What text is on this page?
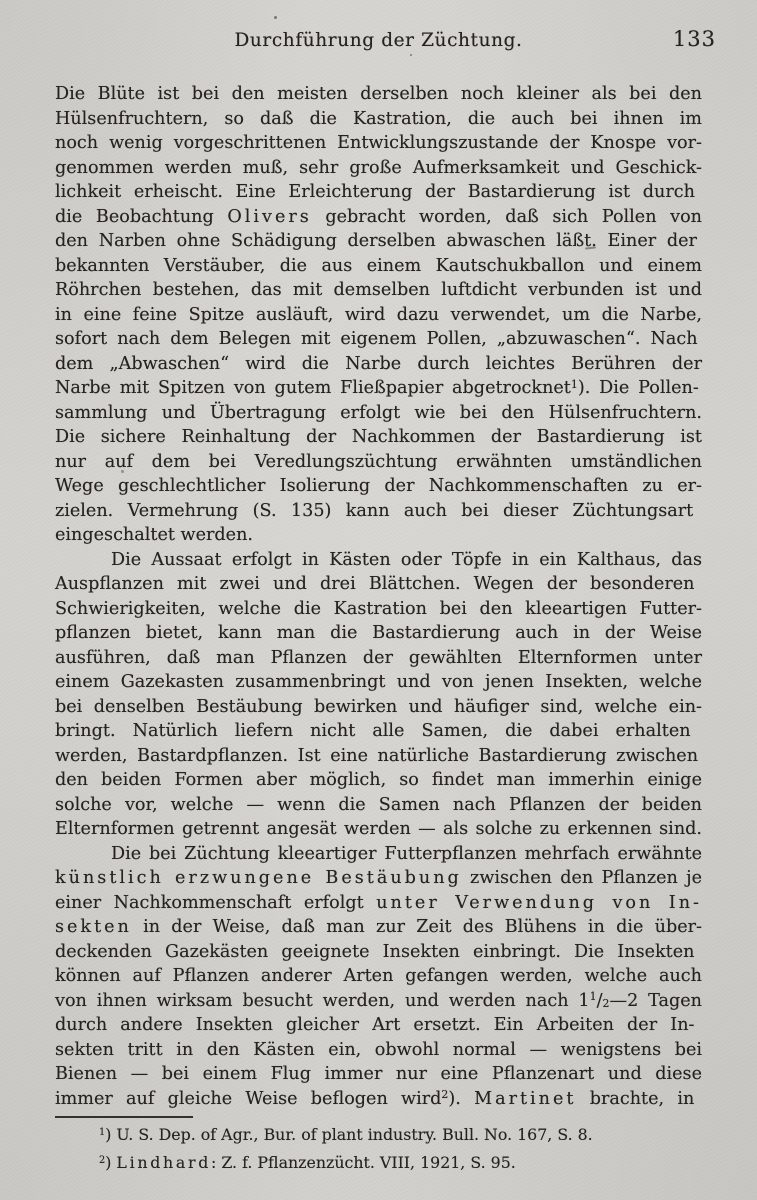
Durchführung der Züchtung.	133
Die Blüte ist bei den meisten derselben noch kleiner als bei den
Hülsenfruchtern, so daß die Kastration, die auch bei ihnen im
noch wenig vorgeschrittenen Entwicklungszustande der Knospe vor-
genommen werden muß, sehr große Aufmerksamkeit und Geschick-
lichkeit erheischt. Eine Erleichterung der Bastardierung ist durch
die Beobachtung Olivers gebracht worden, daß sich Pollen von
den Narben ohne Schädigung derselben abwaschen läßt. Einer der
bekannten Verstäuber, die aus einem Kautschukballon und einem
Röhrchen bestehen, das mit demselben luftdicht verbunden ist und
in eine feine Spitze ausläuft, wird dazu verwendet, um die Narbe,
sofort nach dem Belegen mit eigenem Pollen, „abzuwaschen“. Nach
dem „Abwaschen“ wird die Narbe durch leichtes Berühren der
Narbe mit Spitzen von gutem Fließpapier abgetrocknet$^1$). Die Pollen-
sammlung und Übertragung erfolgt wie bei den Hülsenfruchtern.
Die sichere Reinhaltung der Nachkommen der Bastardierung ist
nur auf dem bei Veredlungszüchtung erwähnten umständlichen
Wege geschlechtlicher Isolierung der Nachkommenschaften zu er-
zielen. Vermehrung (S. 135) kann auch bei dieser Züchtungsart
eingeschaltet werden.
Die Aussaat erfolgt in Kästen oder Töpfe in ein Kalthaus, das
Auspflanzen mit zwei und drei Blättchen. Wegen der besonderen
Schwierigkeiten, welche die Kastration bei den kleeartigen Futter-
pflanzen bietet, kann man die Bastardierung auch in der Weise
ausführen, daß man Pflanzen der gewählten Elternformen unter
einem Gazekasten zusammenbringt und von jenen Insekten, welche
bei denselben Bestäubung bewirken und häufiger sind, welche ein-
bringt. Natürlich liefern nicht alle Samen, die dabei erhalten
werden, Bastardpflanzen. Ist eine natürliche Bastardierung zwischen
den beiden Formen aber möglich, so findet man immerhin einige
solche vor, welche — wenn die Samen nach Pflanzen der beiden
Elternformen getrennt angesät werden — als solche zu erkennen sind.
Die bei Züchtung kleeartiger Futterpflanzen mehrfach erwähnte
künstlich erzwungene Bestäubung zwischen den Pflanzen je
einer Nachkommenschaft erfolgt unter Verwendung von In-
sekten in der Weise, daß man zur Zeit des Blühens in die über-
deckenden Gazekästen geeignete Insekten einbringt. Die Insekten
können auf Pflanzen anderer Arten gefangen werden, welche auch
von ihnen wirksam besucht werden, und werden nach $1^1/2—2$ Tagen
durch andere Insekten gleicher Art ersetzt. Ein Arbeiten der In-
sekten tritt in den Kästen ein, obwohl normal — wenigstens bei
Bienen — bei einem Flug immer nur eine Pflanzenart und diese
immer auf gleiche Weise beflogen wird$^2$). Martinet brachte, in
$^1$) U. S. Dep. of Agr., Bur. of plant industry. Bull. No. 167, S. 8.
$^2$) Lindhard: Z. f. Pflanzenzücht. VIII, 1921, S. 95.
